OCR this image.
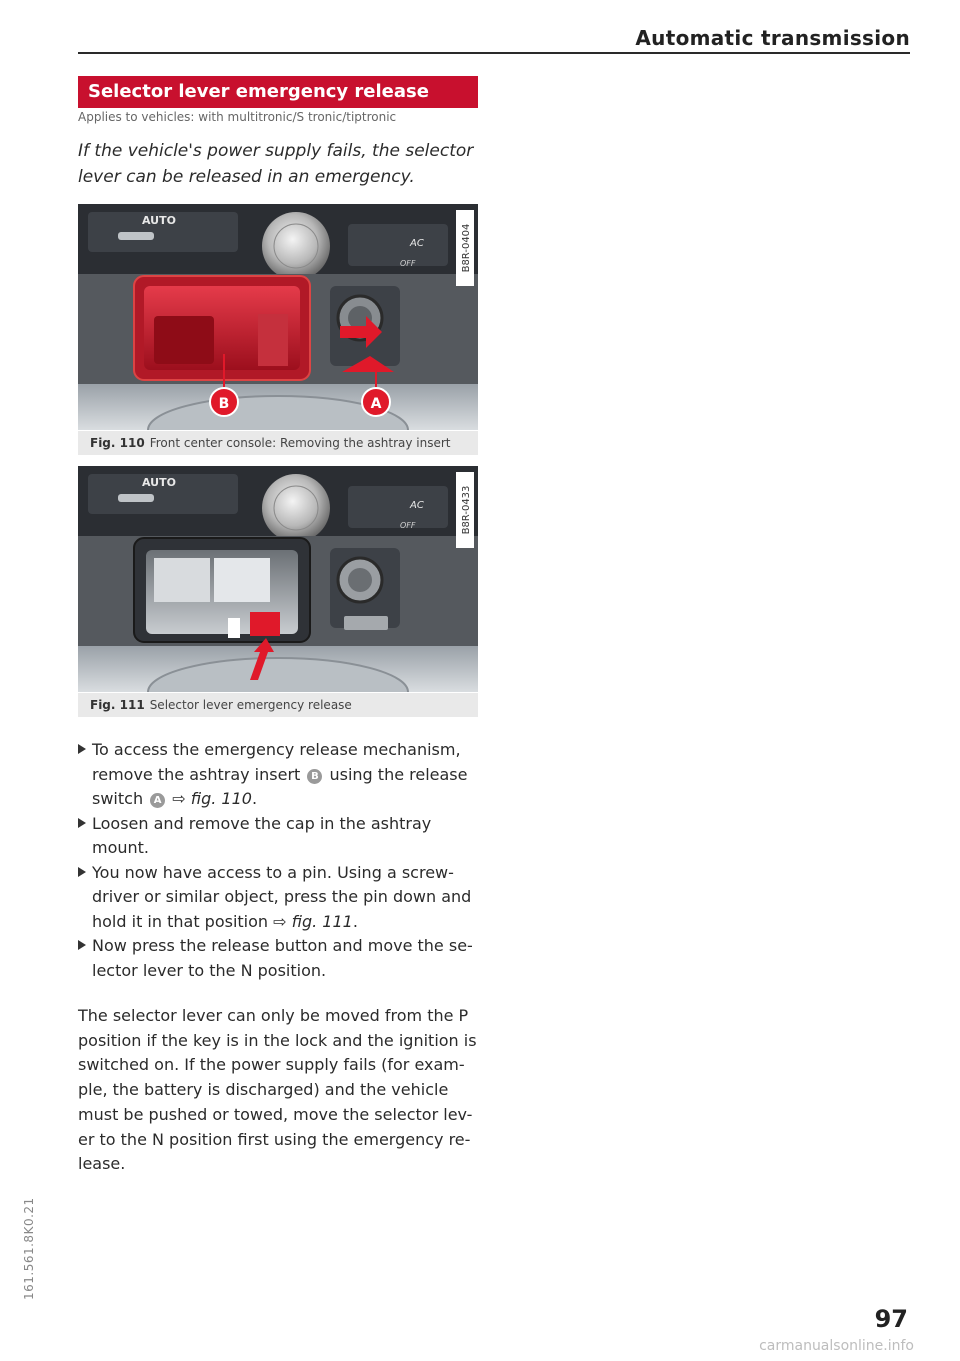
Automatic transmission
Selector lever emergency release
Applies to vehicles: with multitronic/S tronic/tiptronic
If the vehicle's power supply fails, the selector lever can be released in an emergency.
AUTO
AC
OFF
B	A
B8R-0404
Fig. 110 Front center console: Removing the ashtray insert
AUTO
AC
OFF	B8R-0433
Fig. 111 Selector lever emergency release
To access the emergency release mechanism, remove the ashtray insert B using the release switch A ⇨ fig. 110.
Loosen and remove the cap in the ashtray mount.
You now have access to a pin. Using a screw-driver or similar object, press the pin down and hold it in that position ⇨ fig. 111.
Now press the release button and move the se-lector lever to the N position.

The selector lever can only be moved from the P position if the key is in the lock and the ignition is switched on. If the power supply fails (for exam-ple, the battery is discharged) and the vehicle must be pushed or towed, move the selector lev-er to the N position first using the emergency re-lease.

97
161.561.8K0.21
carmanualsonline.info
